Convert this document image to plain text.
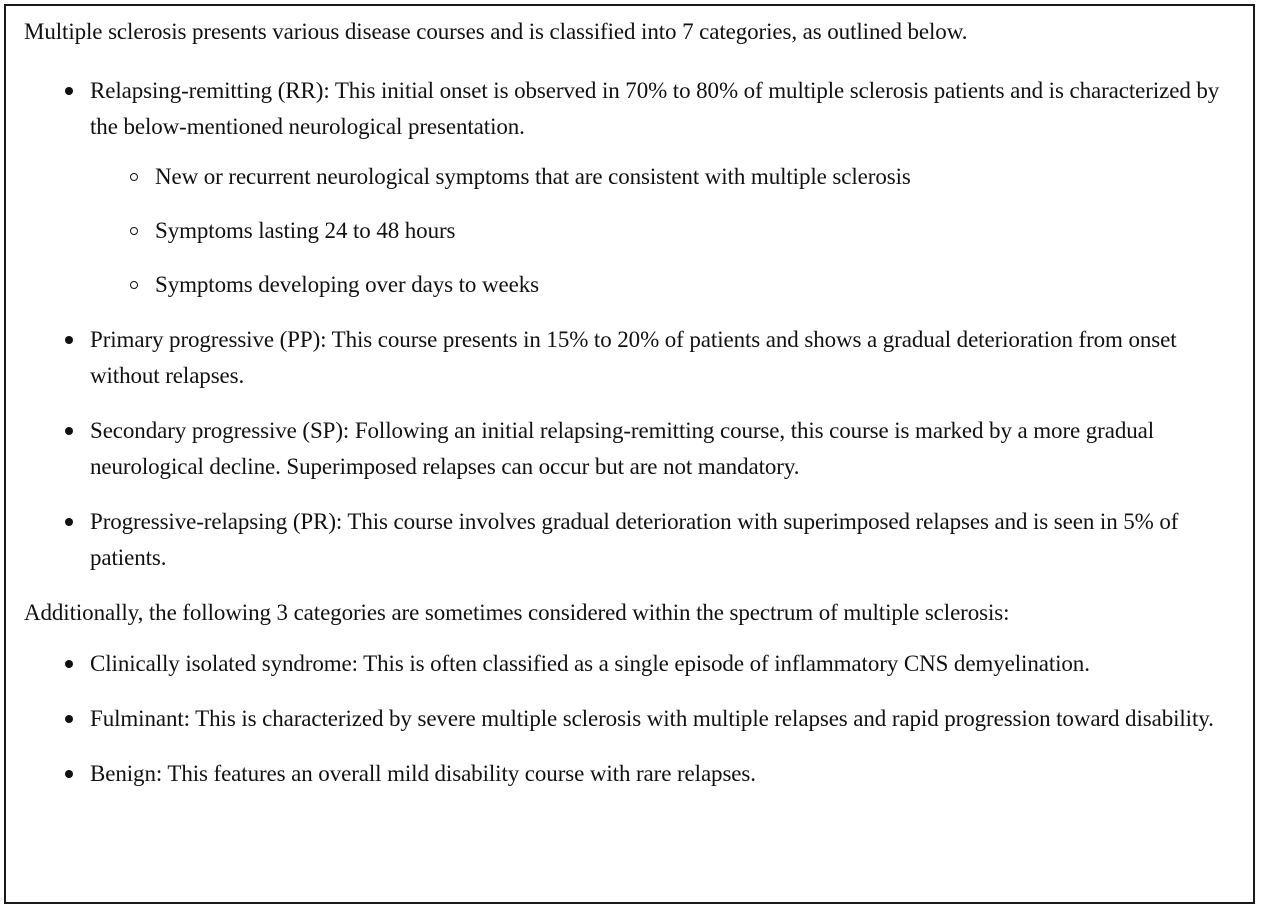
Multiple sclerosis presents various disease courses and is classified into 7 categories, as outlined below.

Relapsing-remitting (RR): This initial onset is observed in 70% to 80% of multiple sclerosis patients and is characterized by the below-mentioned neurological presentation.
New or recurrent neurological symptoms that are consistent with multiple sclerosis
Symptoms lasting 24 to 48 hours
Symptoms developing over days to weeks
Primary progressive (PP): This course presents in 15% to 20% of patients and shows a gradual deterioration from onset without relapses.
Secondary progressive (SP): Following an initial relapsing-remitting course, this course is marked by a more gradual neurological decline. Superimposed relapses can occur but are not mandatory.
Progressive-relapsing (PR): This course involves gradual deterioration with superimposed relapses and is seen in 5% of patients.

Additionally, the following 3 categories are sometimes considered within the spectrum of multiple sclerosis:

Clinically isolated syndrome: This is often classified as a single episode of inflammatory CNS demyelination.
Fulminant: This is characterized by severe multiple sclerosis with multiple relapses and rapid progression toward disability.
Benign: This features an overall mild disability course with rare relapses.
